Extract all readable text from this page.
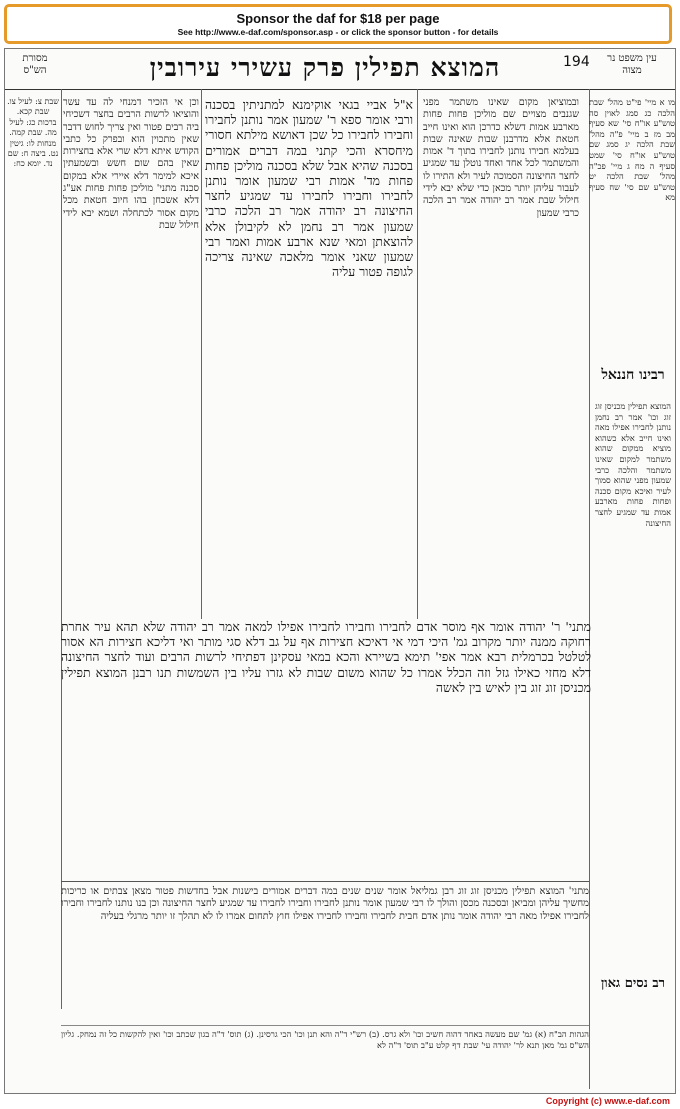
Sponsor the daf for $18 per page
See http://www.e-daf.com/sponsor.asp - or click the sponsor button - for details
מסורת הש"ס	המוצא תפילין פרק עשירי עירובין	194	עין משפט נר מצוה
א"ל אביי בגאי אוקימנא למתניתין בסכנה ורבי אומר ספא ר' שמעון אמר נותנן לחבירו וחבירו לחבירו כל שכן דאושא מילתא חסורי מיחסרא והכי קתני במה דברים אמורים בסכנה שהיא אבל שלא בסכנה מוליכן פחות פחות מד' אמות רבי שמעון אומר נותנן לחבירו וחבירו לחבירו עד שמגיע לחצר החיצונה רב יהודה אמר רב הלכה כרבי שמעון אמר רב נחמן לא לקיבולן אלא להוצאתן ומאי שנא ארבע אמות ואמר רבי שמעון שאני אומר מלאכה שאינה צריכה לגופה פטור עליה
מתני' ר' יהודה אומר אף מוסר אדם לחבירו וחבירו לחבירו אפילו למאה אמר רב יהודה שלא תהא עיר אחרת רחוקה ממנה יותר מקרוב גמ' היכי דמי אי דאיכא חצירות אף על גב דלא סגי מותר ואי דליכא חצירות הא אסור לטלטל בכרמלית רבא אמר אפי' תימא בשיירא והכא במאי עסקינן דפתיחי לרשות הרבים ועוד לחצר החיצונה דלא מחזי כאילו גזל וזה הכלל אמרו כל שהוא משום שבות לא גזרו עליו בין השמשות תנו רבנן המוצא תפילין מכניסן זוג זוג בין לאיש בין לאשה
ובמוציאן מקום שאינו משתמר מפני שגנבים מצויים שם מוליכן פחות פחות מארבע אמות דשלא כדרכן הוא ואינו חייב חטאת אלא מדרבנן שבות שאינה שבות בעלמא חבירו נותנן לחבירו בתוך ד' אמות והמשתמר לכל אחד ואחד נוטלן עד שמגיע לחצר החיצונה הסמוכה לעיר ולא התירו לו לעבור עליהן יותר מכאן כדי שלא יבא לידי חילול שבת אמר רב יהודה אמר רב הלכה כרבי שמעון
וכן אי הזכיר דמנחי לה עד עשר והוציאו לרשות הרבים בחצר דשכיחי ביה רבים פטור ואין צריך לחוש דדבר שאין מתכוין הוא ובפרק כל כתבי הקודש איתא דלא שרי אלא בחצירות שאין בהם שום חשש ובשמעתין איכא למימר דלא איירי אלא במקום סכנה מתני' מוליכן פחות פחות אע"ג דלא אשכחן בהו חיוב חטאת מכל מקום אסור לכתחלה ושמא יבא לידי חילול שבת
מו א מיי' פי"ט מהל' שבת הלכה כג סמג לאוין סה טוש"ע או"ח סי' שא סעיף מב מז ב מיי' פ"ה מהל' שבת הלכה יג סמג שם טוש"ע או"ח סי' שמט סעיף ה מח ג מיי' פכ"ה מהל' שבת הלכה יט טוש"ע שם סי' שח סעיף מא
שבת צ: לעיל צו. שבת קכא. ברכות כג: לעיל מה. שבת קמה. מנחות לו: גיטין נט. ביצה ח: שם נד. יומא כח:
רבינו חננאל
המוצא תפילין מכניסן זוג זוג וכו' אמר רב נחמן נותנן לחבירו אפילו מאה ואינו חייב אלא כשהוא מוציא ממקום שהוא משתמר למקום שאינו משתמר והלכה כרבי שמעון מפני שהוא סמוך לעיר ואיכא מקום סכנה ופחות פחות מארבע אמות עד שמגיע לחצר החיצונה
רב נסים גאון
מתני' המוצא תפילין מכניסן זוג זוג רבן גמליאל אומר שנים שנים במה דברים אמורים בישנות אבל בחדשות פטור מצאן צבתים או כריכות מחשיך עליהן ומביאן ובסכנה מכסן והולך לו רבי שמעון אומר נותנן לחבירו וחבירו לחבירו עד שמגיע לחצר החיצונה וכן בנו נותנו לחבירו וחבירו לחבירו אפילו מאה רבי יהודה אומר נותן אדם חבית לחבירו וחבירו לחבירו אפילו חוץ לתחום אמרו לו לא תהלך זו יותר מרגלי בעליה
הגהות הב"ח (א) גמ' שם מעשה באחד דהוה חשיב וכו' ולא גרס. (ב) רש"י ד"ה והא תנן וכו' הכי גרסינן. (ג) תוס' ד"ה בגון שכתב וכו' ואין להקשות כל זה נמחק. גליון הש"ס גמ' מאן תנא לר' יהודה עי' שבת דף קלט ע"ב תוס' ד"ה לא
Copyright (c) www.e-daf.com
